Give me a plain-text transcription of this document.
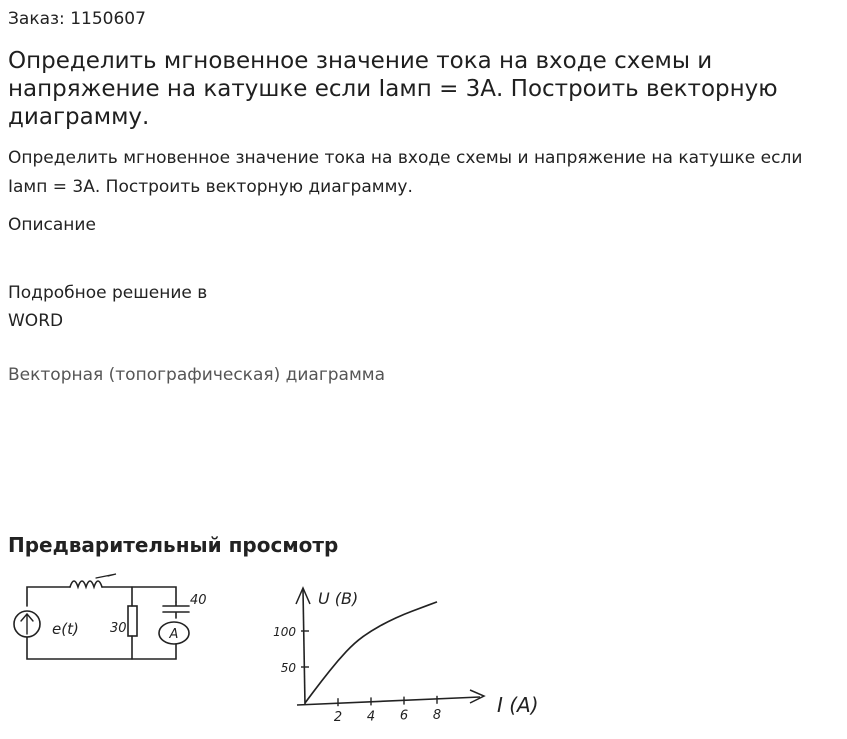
Заказ: 1150607
Определить мгновенное значение тока на входе схемы и напряжение на катушке если Iамп = 3А. Построить векторную диаграмму.
Определить мгновенное значение тока на входе схемы и напряжение на катушке если Iамп = 3А. Построить векторную диаграмму.
Описание
Подробное решение в
WORD
Векторная (топографическая) диаграмма
Предварительный просмотр
e(t) 30
40
A
I (A)
U (B)
2 4 6 8
50
100
